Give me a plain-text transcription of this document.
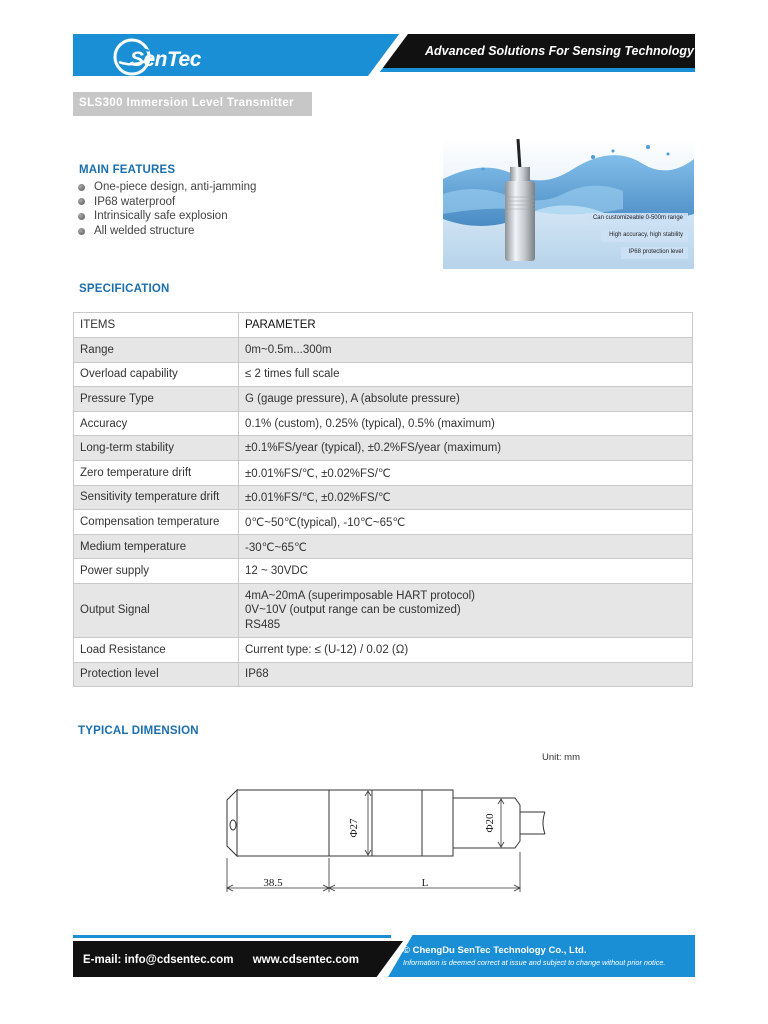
SenTec	Advanced Solutions For Sensing Technology
SLS300 Immersion Level Transmitter
MAIN FEATURES
One-piece design, anti-jamming
IP68 waterproof
Intrinsically safe explosion
All welded structure
Can customizeable 0-500m range
High accuracy, high stability
IP68 protection level
SPECIFICATION
ITEMS	PARAMETER
Range	0m~0.5m...300m
Overload capability	≤ 2 times full scale
Pressure Type	G (gauge pressure), A (absolute pressure)
Accuracy	0.1% (custom), 0.25% (typical), 0.5% (maximum)
Long-term stability	±0.1%FS/year (typical), ±0.2%FS/year (maximum)
Zero temperature drift	±0.01%FS/℃, ±0.02%FS/℃
Sensitivity temperature drift	±0.01%FS/℃, ±0.02%FS/℃
Compensation temperature	0℃~50℃(typical), -10℃~65℃
Medium temperature	-30℃~65℃
Power supply	12 ~ 30VDC
Output Signal	4mA~20mA (superimposable HART protocol)
0V~10V (output range can be customized)
RS485

Load Resistance	Current type: ≤ (U-12) / 0.02 (Ω)
Protection level	IP68
TYPICAL DIMENSION
Unit: mm
Φ27	Φ20
38.5	L
E-mail: info@cdsentec.com      www.cdsentec.com
© ChengDu SenTec Technology Co., Ltd.
Information is deemed correct at issue and subject to change without prior notice.
